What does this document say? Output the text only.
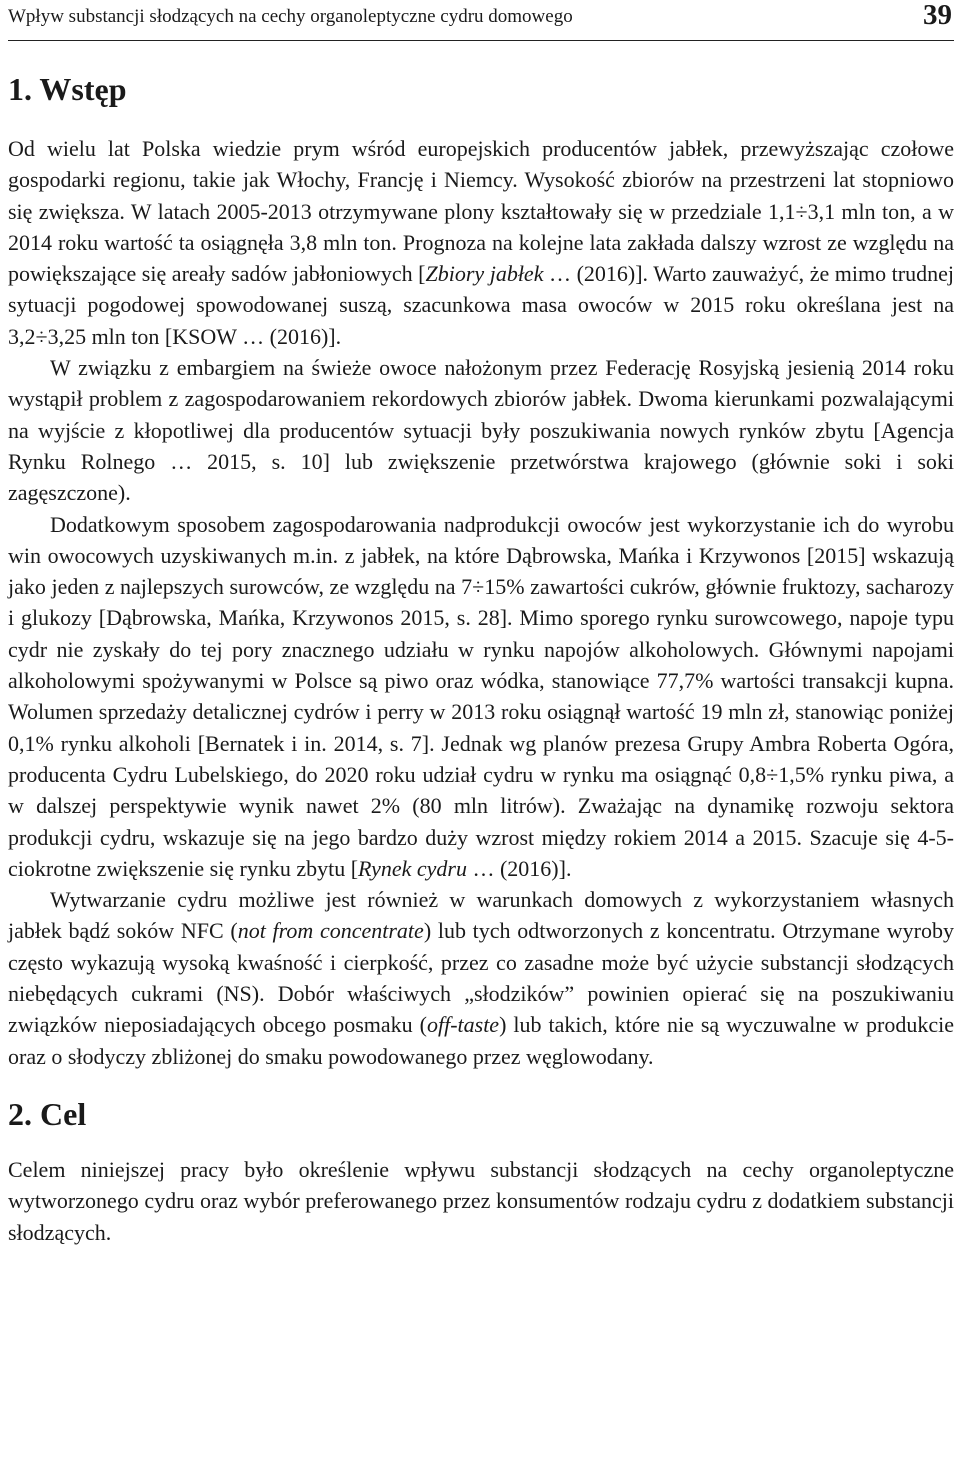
Wpływ substancji słodzących na cechy organoleptyczne cydru domowego	39
1. Wstęp

Od wielu lat Polska wiedzie prym wśród europejskich producentów jabłek, przewyższając czołowe gospodarki regionu, takie jak Włochy, Francję i Niemcy. Wysokość zbiorów na przestrzeni lat stopniowo się zwiększa. W latach 2005-2013 otrzymywane plony kształtowały się w przedziale 1,1÷3,1 mln ton, a w 2014 roku wartość ta osiągnęła 3,8 mln ton. Prognoza na kolejne lata zakłada dalszy wzrost ze względu na powiększające się areały sadów jabłoniowych [Zbiory jabłek … (2016)]. Warto zauważyć, że mimo trudnej sytuacji pogodowej spowodowanej suszą, szacunkowa masa owoców w 2015 roku określana jest na 3,2÷3,25 mln ton [KSOW … (2016)].

W związku z embargiem na świeże owoce nałożonym przez Federację Rosyjską jesienią 2014 roku wystąpił problem z zagospodarowaniem rekordowych zbiorów jabłek. Dwoma kierunkami pozwalającymi na wyjście z kłopotliwej dla producentów sytuacji były poszukiwania nowych rynków zbytu [Agencja Rynku Rolnego … 2015, s. 10] lub zwiększenie przetwórstwa krajowego (głównie soki i soki zagęszczone).

Dodatkowym sposobem zagospodarowania nadprodukcji owoców jest wykorzystanie ich do wyrobu win owocowych uzyskiwanych m.in. z jabłek, na które Dąbrowska, Mańka i Krzywonos [2015] wskazują jako jeden z najlepszych surowców, ze względu na 7÷15% zawartości cukrów, głównie fruktozy, sacharozy i glukozy [Dąbrowska, Mańka, Krzywonos 2015, s. 28]. Mimo sporego rynku surowcowego, napoje typu cydr nie zyskały do tej pory znacznego udziału w rynku napojów alkoholowych. Głównymi napojami alkoholowymi spożywanymi w Polsce są piwo oraz wódka, stanowiące 77,7% wartości transakcji kupna. Wolumen sprzedaży detalicznej cydrów i perry w 2013 roku osiągnął wartość 19 mln zł, stanowiąc poniżej 0,1% rynku alkoholi [Bernatek i in. 2014, s. 7]. Jednak wg planów prezesa Grupy Ambra Roberta Ogóra, producenta Cydru Lubelskiego, do 2020 roku udział cydru w rynku ma osiągnąć 0,8÷1,5% rynku piwa, a w dalszej perspektywie wynik nawet 2% (80 mln litrów). Zważając na dynamikę rozwoju sektora produkcji cydru, wskazuje się na jego bardzo duży wzrost między rokiem 2014 a 2015. Szacuje się 4-5-ciokrotne zwiększenie się rynku zbytu [Rynek cydru … (2016)].

Wytwarzanie cydru możliwe jest również w warunkach domowych z wykorzystaniem własnych jabłek bądź soków NFC (not from concentrate) lub tych odtworzonych z koncentratu. Otrzymane wyroby często wykazują wysoką kwaśność i cierpkość, przez co zasadne może być użycie substancji słodzących niebędących cukrami (NS). Dobór właściwych „słodzików” powinien opierać się na poszukiwaniu związków nieposiadających obcego posmaku (off-taste) lub takich, które nie są wyczuwalne w produkcie oraz o słodyczy zbliżonej do smaku powodowanego przez węglowodany.

2. Cel

Celem niniejszej pracy było określenie wpływu substancji słodzących na cechy organoleptyczne wytworzonego cydru oraz wybór preferowanego przez konsumentów rodzaju cydru z dodatkiem substancji słodzących.
